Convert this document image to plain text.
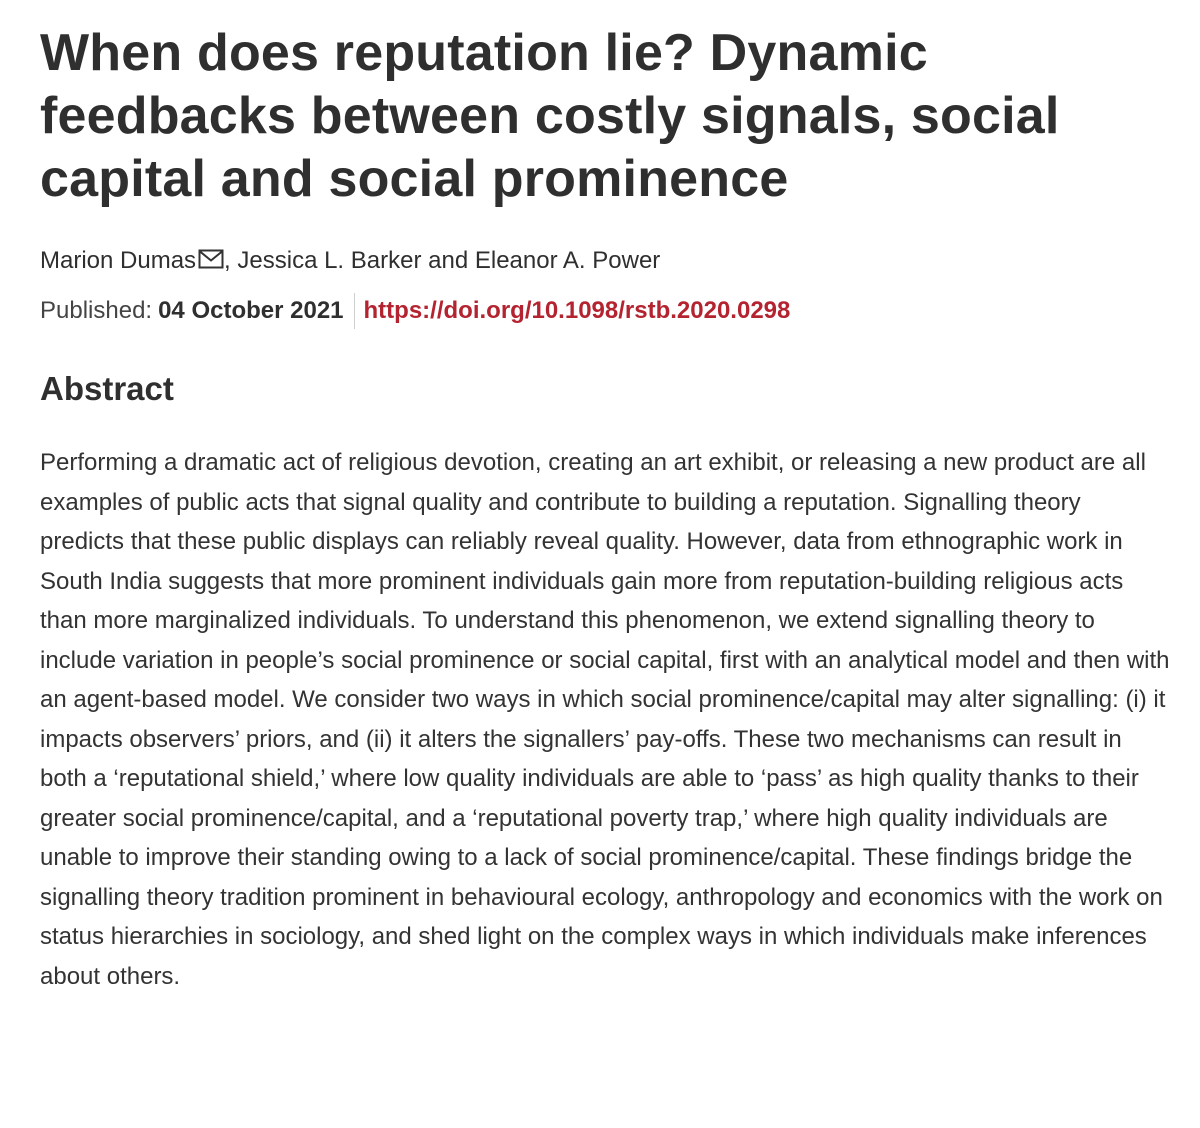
When does reputation lie? Dynamic feedbacks between costly signals, social capital and social prominence
Marion Dumas , Jessica L. Barker and Eleanor A. Power
Published: 04 October 2021 https://doi.org/10.1098/rstb.2020.0298
Abstract

Performing a dramatic act of religious devotion, creating an art exhibit, or releasing a new product are all examples of public acts that signal quality and contribute to building a reputation. Signalling theory predicts that these public displays can reliably reveal quality. However, data from ethnographic work in South India suggests that more prominent individuals gain more from reputation-building religious acts than more marginalized individuals. To understand this phenomenon, we extend signalling theory to include variation in people’s social prominence or social capital, first with an analytical model and then with an agent-based model. We consider two ways in which social prominence/capital may alter signalling: (i) it impacts observers’ priors, and (ii) it alters the signallers’ pay-offs. These two mechanisms can result in both a ‘reputational shield,’ where low quality individuals are able to ‘pass’ as high quality thanks to their greater social prominence/capital, and a ‘reputational poverty trap,’ where high quality individuals are unable to improve their standing owing to a lack of social prominence/capital. These findings bridge the signalling theory tradition prominent in behavioural ecology, anthropology and economics with the work on status hierarchies in sociology, and shed light on the complex ways in which individuals make inferences about others.
